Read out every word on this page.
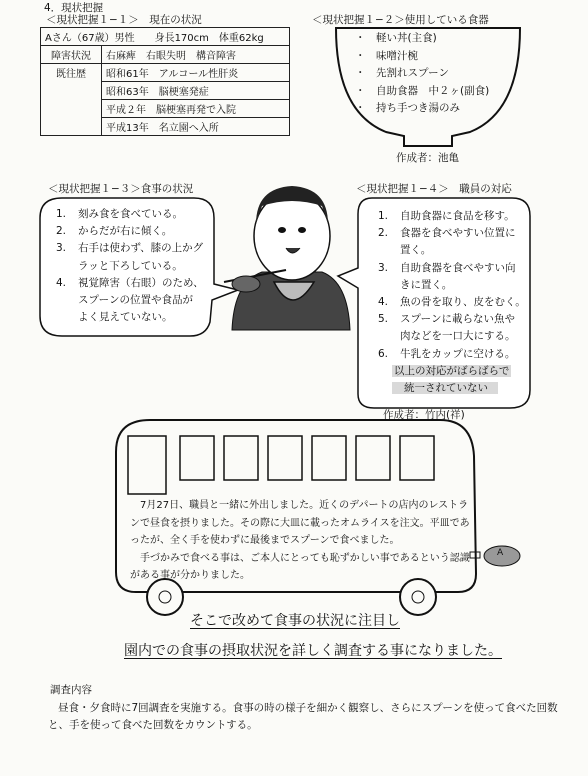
4．現状把握
＜現状把握１−１＞　現在の状況
Aさん（67歳）男性　　身長170cm　体重62kg	
障害状況	右麻痺　右眼失明　構音障害
既往歴	昭和61年　アルコール性肝炎
昭和63年　脳梗塞発症
平成２年　脳梗塞再発で入院
平成13年　名立園へ入所
＜現状把握１−２＞使用している食器
・　軽い丼(主食)
・　味噌汁椀
・　先割れスプーン
・　自助食器　中２ヶ(副食)
・　持ち手つき湯のみ
作成者：池亀
＜現状把握１−３＞食事の状況
1. 刻み食を食べている。
2. からだが右に傾く。
3. 右手は使わず、膝の上かグ
ラッと下ろしている。
4. 視覚障害（右眼）のため、
スプーンの位置や食品が
よく見えていない。
＜現状把握１−４＞　職員の対応
1. 自助食器に食品を移す。
2. 食器を食べやすい位置に
置く。
3. 自助食器を食べやすい向
きに置く。
4. 魚の骨を取り、皮をむく。
5. スプーンに載らない魚や
肉などを一口大にする。
6. 牛乳をカップに空ける。
以上の対応がばらばらで
統一されていない
作成者：竹内(祥)

7月27日、職員と一緒に外出しました。近くのデパートの店内のレストランで昼食を摂りました。その際に大皿に載ったオムライスを注文。平皿であったが、全く手を使わずに最後までスプーンで食べました。

手づかみで食べる事は、ご本人にとっても恥ずかしい事であるという認識がある事が分かりました。

A
そこで改めて食事の状況に注目し
園内での食事の摂取状況を詳しく調査する事になりました。
調査内容
昼食・夕食時に7回調査を実施する。食事の時の様子を細かく観察し、さらにスプーンを使って食べた回数と、手を使って食べた回数をカウントする。
